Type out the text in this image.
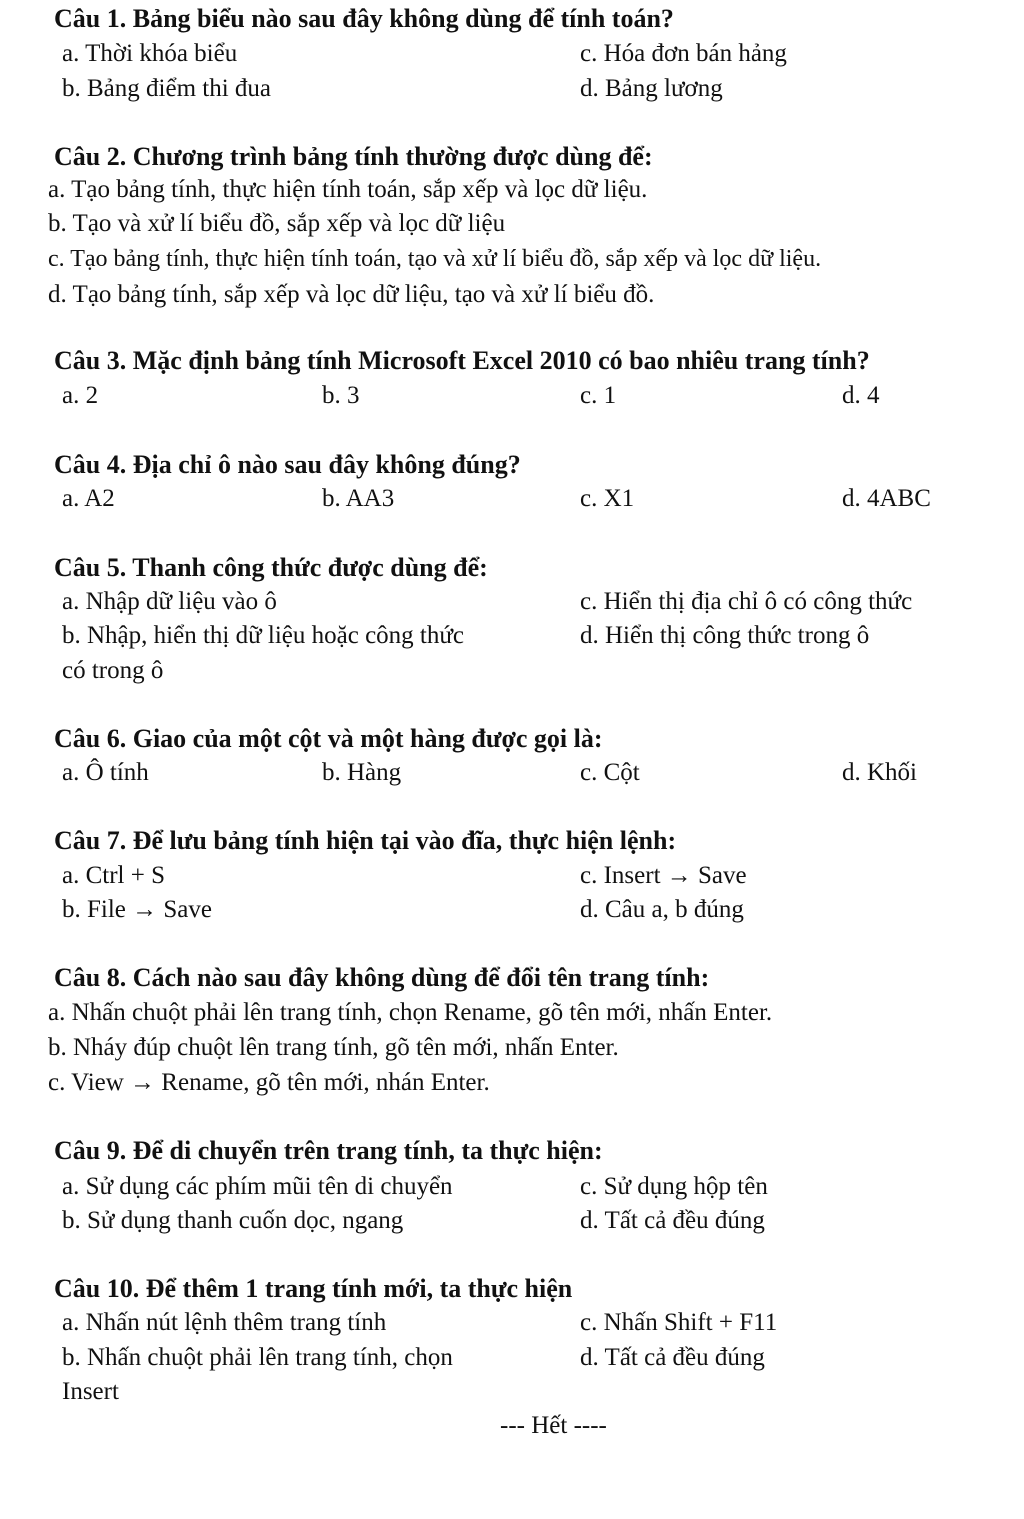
Câu 1. Bảng biểu nào sau đây không dùng để tính toán?
a. Thời khóa biểu	c. Hóa đơn bán hảng
b. Bảng điểm thi đua	d. Bảng lương
Câu 2. Chương trình bảng tính thường được dùng để:
a. Tạo bảng tính, thực hiện tính toán, sắp xếp và lọc dữ liệu.
b. Tạo và xử lí biểu đồ, sắp xếp và lọc dữ liệu
c. Tạo bảng tính, thực hiện tính toán, tạo và xử lí biểu đồ, sắp xếp và lọc dữ liệu.
d. Tạo bảng tính, sắp xếp và lọc dữ liệu, tạo và xử lí biểu đồ.
Câu 3. Mặc định bảng tính Microsoft Excel 2010 có bao nhiêu trang tính?
a. 2	b. 3	c. 1	d. 4
Câu 4. Địa chỉ ô nào sau đây không đúng?
a. A2	b. AA3	c. X1	d. 4ABC
Câu 5. Thanh công thức được dùng để:
a. Nhập dữ liệu vào ô	c. Hiển thị địa chỉ ô có công thức
b. Nhập, hiển thị dữ liệu hoặc công thức	d. Hiển thị công thức trong ô
có trong ô
Câu 6. Giao của một cột và một hàng được gọi là:
a. Ô tính	b. Hàng	c. Cột	d. Khối
Câu 7. Để lưu bảng tính hiện tại vào đĩa, thực hiện lệnh:
a. Ctrl + S	c. Insert → Save
b. File → Save	d. Câu a, b đúng
Câu 8. Cách nào sau đây không dùng để đổi tên trang tính:
a. Nhấn chuột phải lên trang tính, chọn Rename, gõ tên mới, nhấn Enter.
b. Nháy đúp chuột lên trang tính, gõ tên mới, nhấn Enter.
c. View → Rename, gõ tên mới, nhán Enter.
Câu 9. Để di chuyển trên trang tính, ta thực hiện:
a. Sử dụng các phím mũi tên di chuyển	c. Sử dụng hộp tên
b. Sử dụng thanh cuốn dọc, ngang	d. Tất cả đều đúng
Câu 10. Để thêm 1 trang tính mới, ta thực hiện
a. Nhấn nút lệnh thêm trang tính	c. Nhấn Shift + F11
b. Nhấn chuột phải lên trang tính, chọn	d. Tất cả đều đúng
Insert
--- Hết ----
